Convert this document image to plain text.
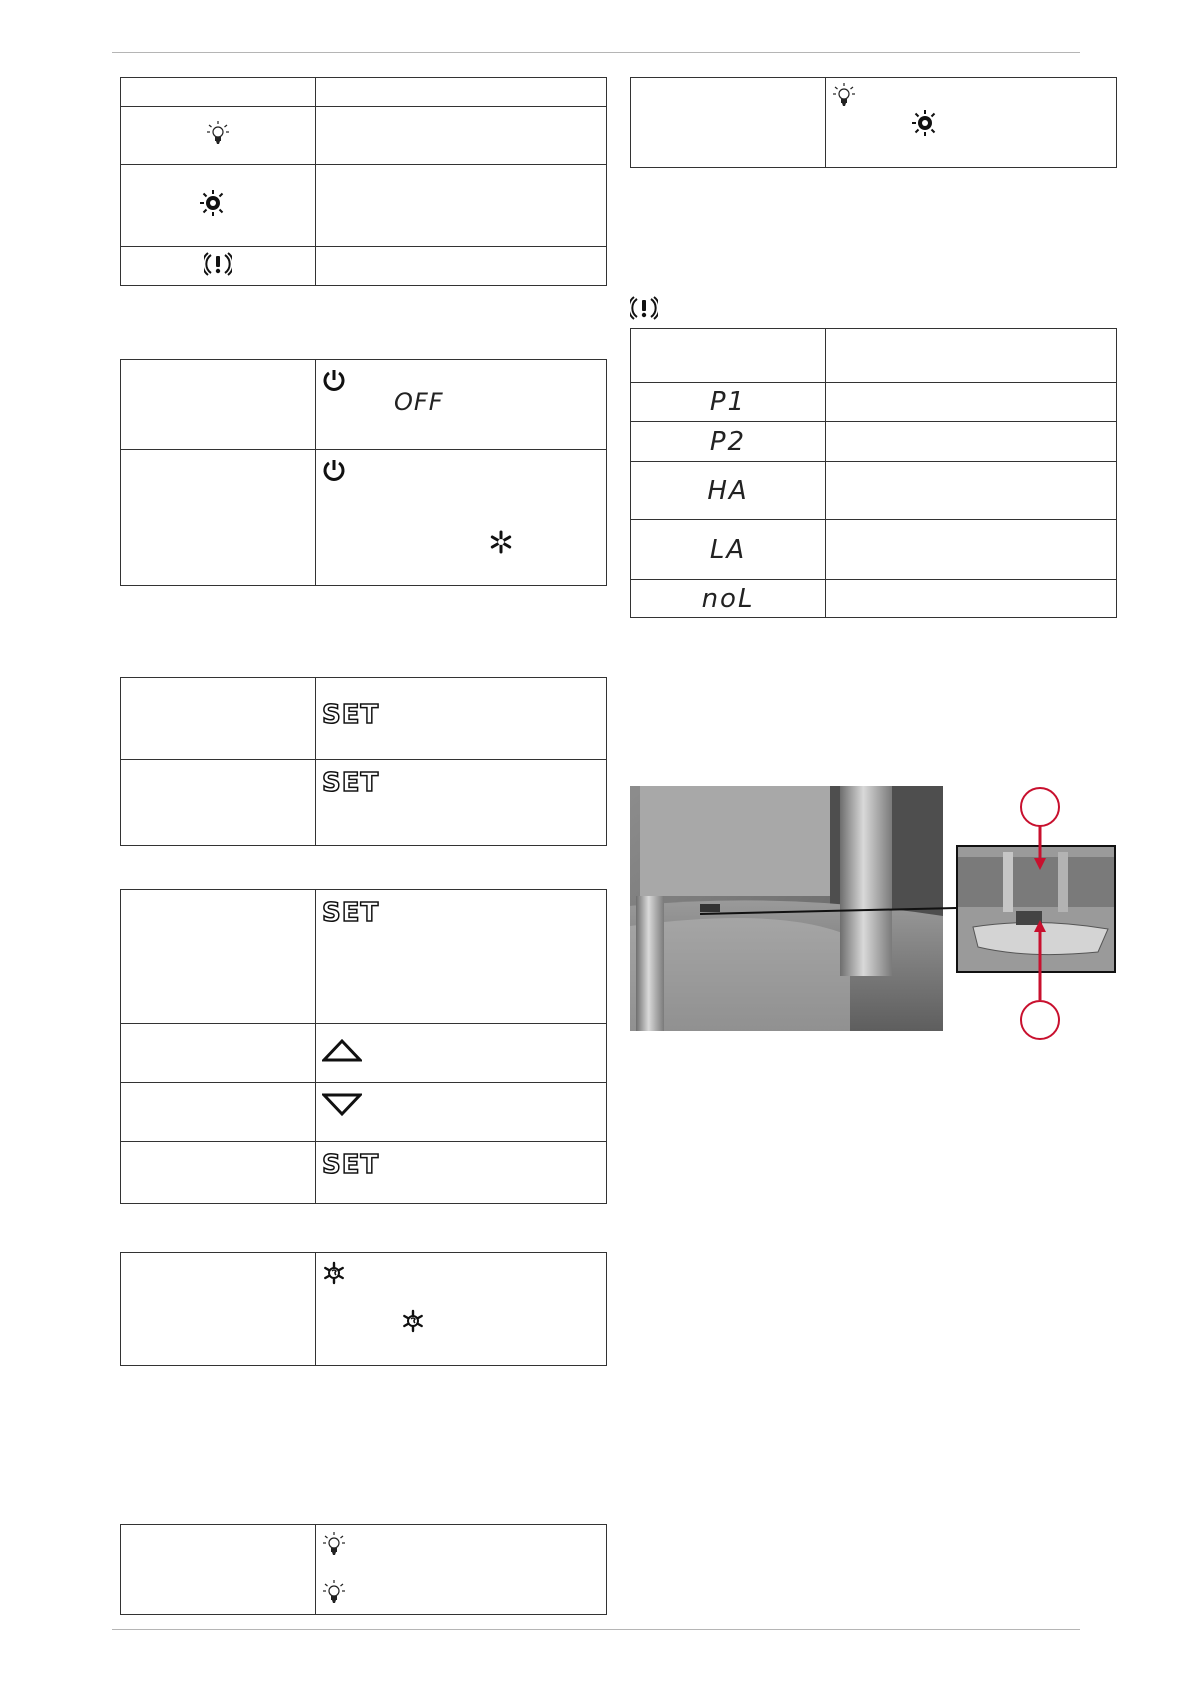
	OFF

	SET
	SET
	SET

	SET

P1	
P2	
HA	
LA	
noL	
